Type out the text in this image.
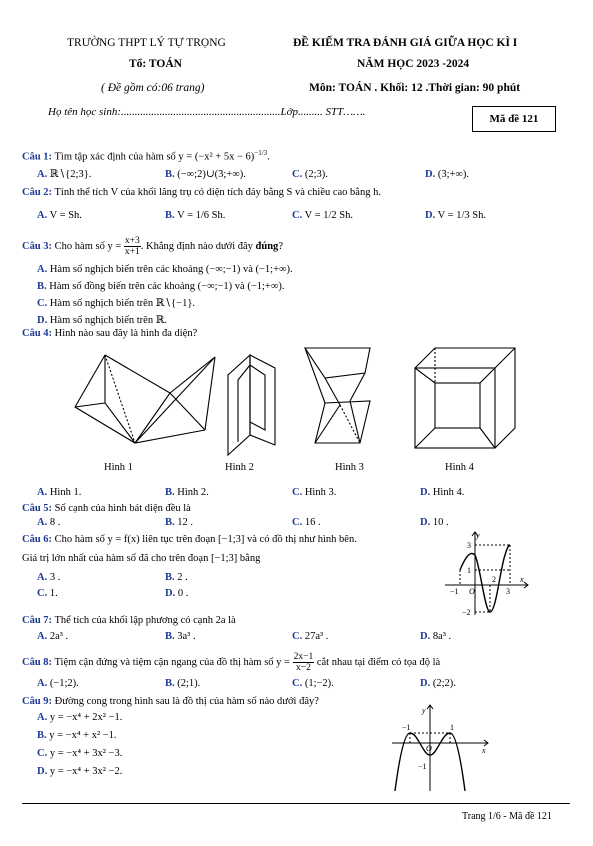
TRƯỜNG THPT LÝ TỰ TRỌNG
Tổ: TOÁN
( Đề gồm có:06 trang)
ĐỀ KIỂM TRA ĐÁNH GIÁ GIỮA HỌC KÌ I
NĂM HỌC 2023 -2024
Môn: TOÁN . Khối: 12 .Thời gian: 90 phút
Họ tên học sinh:..........................................................Lớp......... STT…….
Mã đề 121
Câu 1: Tìm tập xác định của hàm số $y = (-x^2 + 5x - 6)^{-1/3}$.
A. ℝ∖{2;3}.	B. (−∞;2)∪(3;+∞).	C. (2;3).	D. (3;+∞).
Câu 2: Tính thể tích V của khối lăng trụ có diện tích đáy bằng S và chiều cao bằng h.
A. V = Sh.	B. V = 1/6 Sh.	C. V = 1/2 Sh.	D. V = 1/3 Sh.
Câu 3: Cho hàm số $y = \frac{x+3}{x+1}$ . Khẳng định nào dưới đây đúng?
A. Hàm số nghịch biến trên các khoảng (−∞;−1) và (−1;+∞).
B. Hàm số đồng biến trên các khoảng (−∞;−1) và (−1;+∞).
C. Hàm số nghịch biến trên ℝ∖{−1}.
D. Hàm số nghịch biến trên ℝ.
Câu 4: Hình nào sau đây là hình đa diện?
Hình 1	Hình 2	Hình 3	Hình 4
A. Hình 1.	B. Hình 2.	C. Hình 3.	D. Hình 4.
Câu 5: Số cạnh của hình bát diện đều là
A. 8 .	B. 12 .	C. 16 .	D. 10 .
Câu 6: Cho hàm số y = f(x) liên tục trên đoạn [−1;3] và có đồ thị như hình bên.
Giá trị lớn nhất của hàm số đã cho trên đoạn [−1;3] bằng
A. 3 .	B. 2 .
C. 1.	D. 0 .
y
x
O
3
1
−1
2
3
−2
Câu 7: Thể tích của khối lập phương có cạnh 2a là
A. 2a³ .	B. 3a³ .	C. 27a³ .	D. 8a³ .
Câu 8: Tiệm cận đứng và tiệm cận ngang của đồ thị hàm số $y = \frac{2x-1}{x-2}$ cắt nhau tại điểm có tọa độ là
A. (−1;2).	B. (2;1).	C. (1;−2).	D. (2;2).
Câu 9: Đường cong trong hình sau là đồ thị của hàm số nào dưới đây?
A. y = −x⁴ + 2x² −1.
B. y = −x⁴ + x² −1.
C. y = −x⁴ + 3x² −3.
D. y = −x⁴ + 3x² −2.
y
x
O
−1	1
−1
Trang 1/6 - Mã đề 121
